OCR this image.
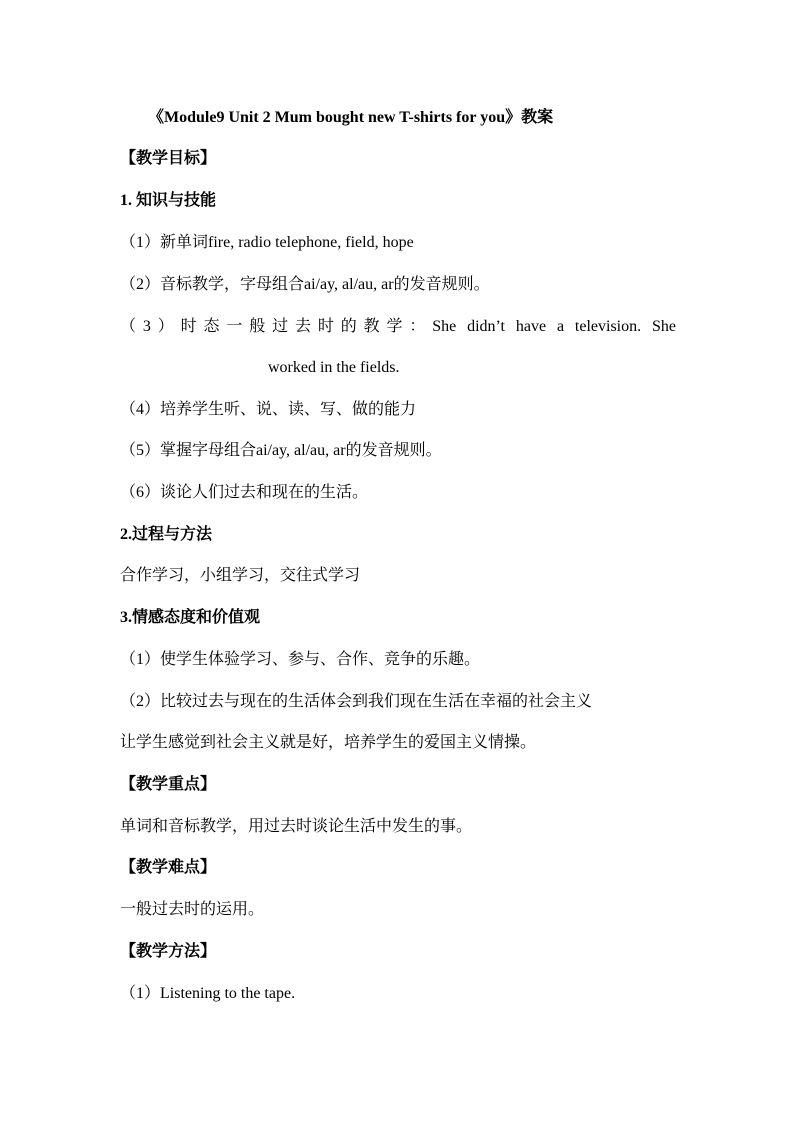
《Module9 Unit 2 Mum bought new T-shirts for you》教案
【教学目标】
1. 知识与技能
（1）新单词fire, radio telephone, field, hope
（2）音标教学，字母组合ai/ay, al/au, ar的发音规则。
（3）时态一般过去时的教学：She didn’t have a television. She
worked in the fields.
（4）培养学生听、说、读、写、做的能力
（5）掌握字母组合ai/ay, al/au, ar的发音规则。
（6）谈论人们过去和现在的生活。
2.过程与方法
合作学习，小组学习，交往式学习
3.情感态度和价值观
（1）使学生体验学习、参与、合作、竞争的乐趣。
（2）比较过去与现在的生活体会到我们现在生活在幸福的社会主义
让学生感觉到社会主义就是好，培养学生的爱国主义情操。
【教学重点】
单词和音标教学，用过去时谈论生活中发生的事。
【教学难点】
一般过去时的运用。
【教学方法】
（1）Listening to the tape.
